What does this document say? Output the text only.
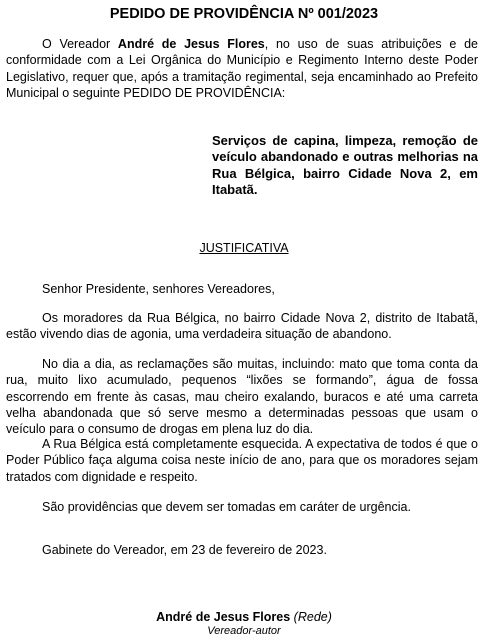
PEDIDO DE PROVIDÊNCIA Nº 001/2023

O Vereador André de Jesus Flores, no uso de suas atribuições e de conformidade com a Lei Orgânica do Município e Regimento Interno deste Poder Legislativo, requer que, após a tramitação regimental, seja encaminhado ao Prefeito Municipal o seguinte PEDIDO DE PROVIDÊNCIA:

Serviços de capina, limpeza, remoção de veículo abandonado e outras melhorias na Rua Bélgica, bairro Cidade Nova 2, em Itabatã.

JUSTIFICATIVA

Senhor Presidente, senhores Vereadores,

Os moradores da Rua Bélgica, no bairro Cidade Nova 2, distrito de Itabatã, estão vivendo dias de agonia, uma verdadeira situação de abandono.

No dia a dia, as reclamações são muitas, incluindo: mato que toma conta da rua, muito lixo acumulado, pequenos “lixões se formando”, água de fossa escorrendo em frente às casas, mau cheiro exalando, buracos e até uma carreta velha abandonada que só serve mesmo a determinadas pessoas que usam o veículo para o consumo de drogas em plena luz do dia.

A Rua Bélgica está completamente esquecida. A expectativa de todos é que o Poder Público faça alguma coisa neste início de ano, para que os moradores sejam tratados com dignidade e respeito.

São providências que devem ser tomadas em caráter de urgência.

Gabinete do Vereador, em 23 de fevereiro de 2023.

André de Jesus Flores (Rede)
Vereador-autor
